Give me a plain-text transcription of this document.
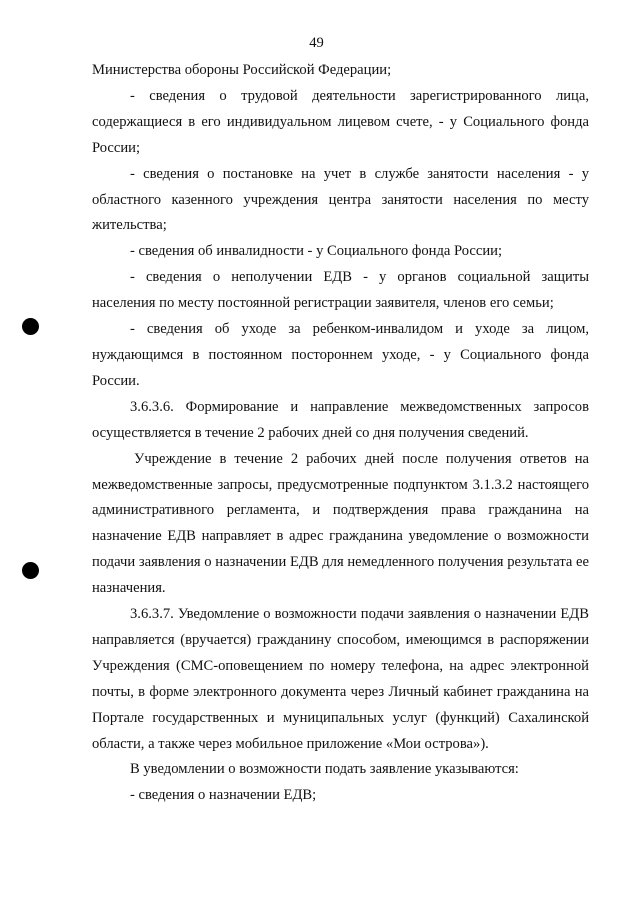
49

Министерства обороны Российской Федерации;

- сведения о трудовой деятельности зарегистрированного лица, содержащиеся в его индивидуальном лицевом счете, - у Социального фонда России;

- сведения о постановке на учет в службе занятости населения - у областного казенного учреждения центра занятости населения по месту жительства;

- сведения об инвалидности - у Социального фонда России;

- сведения о неполучении ЕДВ - у органов социальной защиты населения по месту постоянной регистрации заявителя, членов его семьи;

- сведения об уходе за ребенком-инвалидом и уходе за лицом, нуждающимся в постоянном постороннем уходе, - у Социального фонда России.

3.6.3.6. Формирование и направление межведомственных запросов осуществляется в течение 2 рабочих дней со дня получения сведений.

Учреждение в течение 2 рабочих дней после получения ответов на межведомственные запросы, предусмотренные подпунктом 3.1.3.2 настоящего административного регламента, и подтверждения права гражданина на назначение ЕДВ направляет в адрес гражданина уведомление о возможности подачи заявления о назначении ЕДВ для немедленного получения результата ее назначения.

3.6.3.7. Уведомление о возможности подачи заявления о назначении ЕДВ направляется (вручается) гражданину способом, имеющимся в распоряжении Учреждения (СМС-оповещением по номеру телефона, на адрес электронной почты, в форме электронного документа через Личный кабинет гражданина на Портале государственных и муниципальных услуг (функций) Сахалинской области, а также через мобильное приложение «Мои острова»).

В уведомлении о возможности подать заявление указываются:

- сведения о назначении ЕДВ;
